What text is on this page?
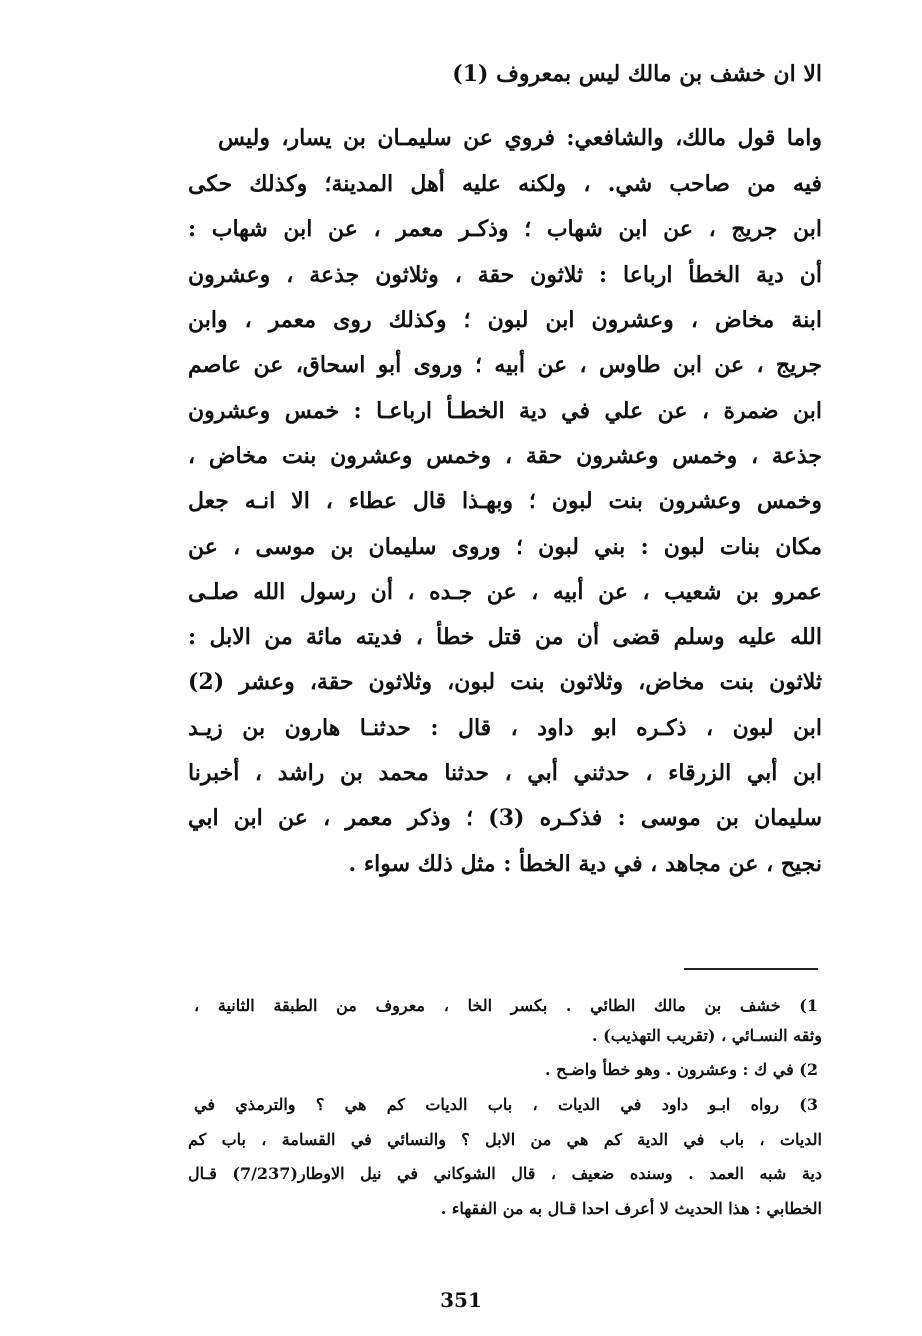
الا ان خشف بن مالك ليس بمعروف (1)
واما قول مالك، والشافعي: فروي عن سليمـان بن يسار، وليس
فيه من صاحب شي. ، ولكنه عليه أهل المدينة؛ وكذلك حكى
ابن جريج ، عن ابن شهاب ؛ وذكـر معمر ، عن ابن شهاب :
أن دية الخطأ ارباعا : ثلاثون حقة ، وثلاثون جذعة ، وعشرون
ابنة مخاض ، وعشرون ابن لبون ؛ وكذلك روى معمر ، وابن
جريج ، عن ابن طاوس ، عن أبيه ؛ وروى أبو اسحاق، عن عاصم
ابن ضمرة ، عن علي في دية الخطـأ ارباعـا : خمس وعشرون
جذعة ، وخمس وعشرون حقة ، وخمس وعشرون بنت مخاض ،
وخمس وعشرون بنت لبون ؛ وبهـذا قال عطاء ، الا انـه جعل
مكان بنات لبون : بني لبون ؛ وروى سليمان بن موسى ، عن
عمرو بن شعيب ، عن أبيه ، عن جـده ، أن رسول الله صلـى
الله عليه وسلم قضى أن من قتل خطأ ، فديته مائة من الابل :
ثلاثون بنت مخاض، وثلاثون بنت لبون، وثلاثون حقة، وعشر (2)
ابن لبون ، ذكـره ابو داود ، قال : حدثنـا هارون بن زيـد
ابن أبي الزرقاء ، حدثني أبي ، حدثنا محمد بن راشد ، أخبرنا
سليمان بن موسى : فذكـره (3) ؛ وذكر معمر ، عن ابن ابي
نجيح ، عن مجاهد ، في دية الخطأ : مثل ذلك سواء .
1) خشف بن مالك الطائي . بكسر الخا ، معروف من الطبقة الثانية ،
وثقه النسـائي ، (تقريب التهذيب) .
2) في ك : وعشرون . وهو خطأ واضـح .
3) رواه ابـو داود في الديات ، باب الديات كم هي ؟ والترمذي في
الديات ، باب في الدية كم هي من الابل ؟ والنسائي في القسامة ، باب كم
دية شبه العمد . وسنده ضعيف ، قال الشوكاني في نيل الاوطار(7/237) قـال
الخطابي : هذا الحديث لا أعرف احدا قـال به من الفقهاء .
351
